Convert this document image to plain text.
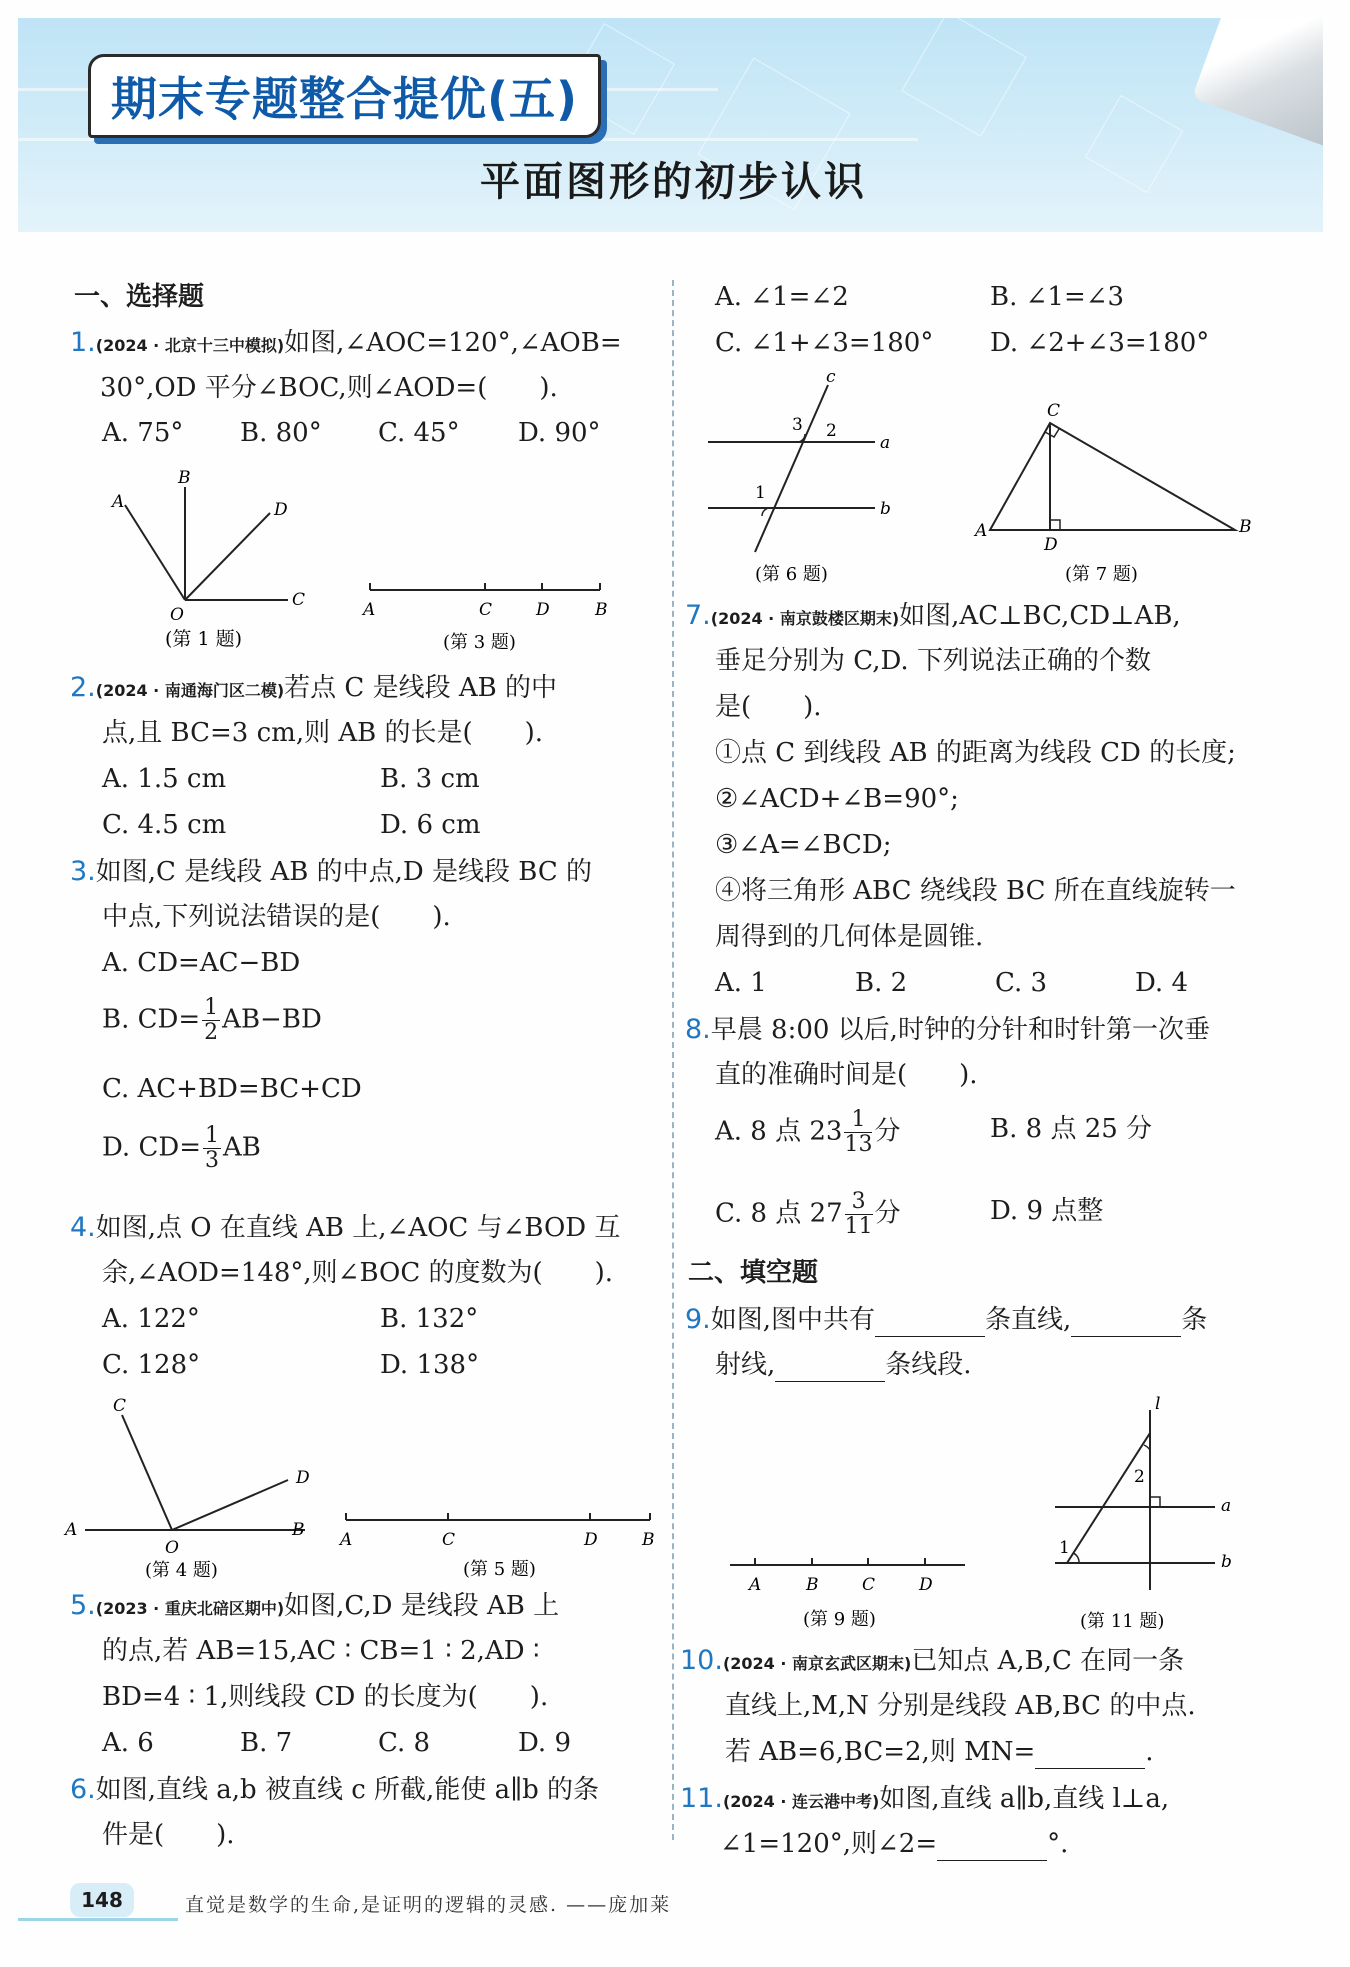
期末专题整合提优(五)
平面图形的初步认识
一、选择题
1.(2024 · 北京十三中模拟)如图,∠AOC=120°,∠AOB=
30°,OD 平分∠BOC,则∠AOD=(　　).
A. 75° B. 80° C. 45° D. 90°
A
B
D
O
C
(第 1 题)
A	C	D	B
(第 3 题)
2.(2024 · 南通海门区二模)若点 C 是线段 AB 的中
点,且 BC=3 cm,则 AB 的长是(　　).
A. 1.5 cm	B. 3 cm
C. 4.5 cm	D. 6 cm
3.如图,C 是线段 AB 的中点,D 是线段 BC 的
中点,下列说法错误的是(　　).
A. CD=AC−BD
B. $CD= \frac{1}{2} AB-BD$
C. AC+BD=BC+CD
D. $CD= \frac{1}{3}$ AB
4.如图,点 O 在直线 AB 上,∠AOC 与∠BOD 互
余,∠AOD=148°,则∠BOC 的度数为(　　).
A. 122°	B. 132°
C. 128°	D. 138°
C
D
A
O
B
(第 4 题)
A	C	D	B
(第 5 题)
5.(2023 · 重庆北碚区期中)如图,C,D 是线段 AB 上
的点,若 AB=15,AC ∶ CB=1 ∶ 2,AD ∶
BD=4 ∶ 1,则线段 CD 的长度为(　　).
A. 6	B. 7	C. 8	D. 9
6.如图,直线 a,b 被直线 c 所截,能使 a∥b 的条
件是(　　).
A. ∠1=∠2	B. ∠1=∠3
C. ∠1+∠3=180° D. ∠2+∠3=180°
c
3 2
a
1
b
(第 6 题)
C
A
D
B
(第 7 题)
7.(2024 · 南京鼓楼区期末)如图,AC⊥BC,CD⊥AB,
垂足分别为 C,D. 下列说法正确的个数
是(　　).
①点 C 到线段 AB 的距离为线段 CD 的长度;
②∠ACD+∠B=90°;
③∠A=∠BCD;
④将三角形 ABC 绕线段 BC 所在直线旋转一
周得到的几何体是圆锥.
A. 1	B. 2	C. 3	D. 4
8.早晨 8:00 以后,时钟的分针和时针第一次垂
直的准确时间是(　　).
A. 8 点 $23 \frac{1}{13}$ 分	B. 8 点 25 分
C. 8 点 $27 \frac{3}{11}$ 分	D. 9 点整
二、填空题
9.如图,图中共有	条直线,	条
射线,	条线段.
A	B	C	D
(第 9 题)
l
2
a
1
b
(第 11 题)
10.(2024 · 南京玄武区期末)已知点 A,B,C 在同一条
直线上,M,N 分别是线段 AB,BC 的中点.
若 AB=6,BC=2,则 MN=	.
11.(2024 · 连云港中考)如图,直线 a∥b,直线 l⊥a,
∠1=120°,则∠2=	°.
148	直觉是数学的生命,是证明的逻辑的灵感. ——庞加莱
